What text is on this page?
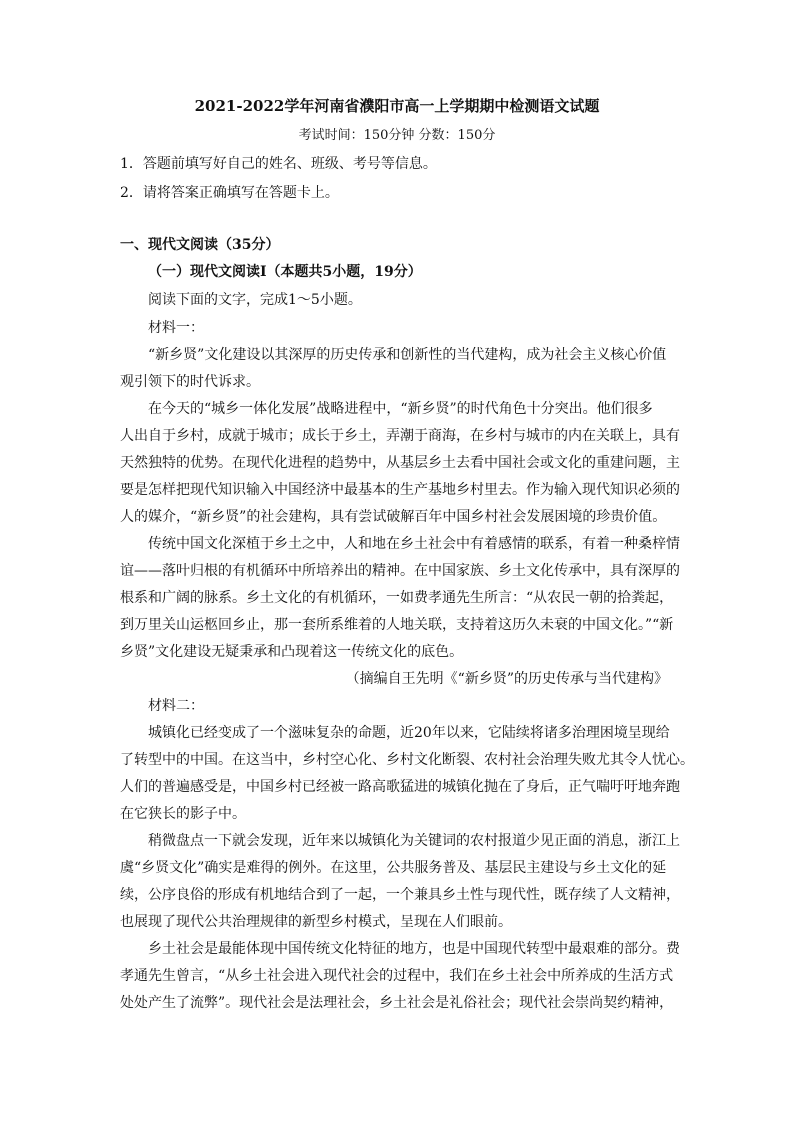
2021-2022学年河南省濮阳市高一上学期期中检测语文试题
考试时间：150分钟 分数：150分
1．答题前填写好自己的姓名、班级、考号等信息。
2．请将答案正确填写在答题卡上。
一、现代文阅读（35分）
（一）现代文阅读Ⅰ（本题共5小题，19分）
阅读下面的文字，完成1～5小题。
材料一：
“新乡贤”文化建设以其深厚的历史传承和创新性的当代建构，成为社会主义核心价值
观引领下的时代诉求。
在今天的“城乡一体化发展”战略进程中，“新乡贤”的时代角色十分突出。他们很多
人出自于乡村，成就于城市；成长于乡土，弄潮于商海，在乡村与城市的内在关联上，具有
天然独特的优势。在现代化进程的趋势中，从基层乡土去看中国社会或文化的重建问题，主
要是怎样把现代知识输入中国经济中最基本的生产基地乡村里去。作为输入现代知识必须的
人的媒介，“新乡贤”的社会建构，具有尝试破解百年中国乡村社会发展困境的珍贵价值。
传统中国文化深植于乡土之中，人和地在乡土社会中有着感情的联系，有着一种桑梓情
谊——落叶归根的有机循环中所培养出的精神。在中国家族、乡土文化传承中，具有深厚的
根系和广阔的脉系。乡土文化的有机循环，一如费孝通先生所言：“从农民一朝的拾粪起，
到万里关山运柩回乡止，那一套所系维着的人地关联，支持着这历久未衰的中国文化。”“新
乡贤”文化建设无疑秉承和凸现着这一传统文化的底色。
（摘编自王先明《“新乡贤”的历史传承与当代建构》
材料二：
城镇化已经变成了一个滋味复杂的命题，近20年以来，它陆续将诸多治理困境呈现给
了转型中的中国。在这当中，乡村空心化、乡村文化断裂、农村社会治理失败尤其令人忧心。
人们的普遍感受是，中国乡村已经被一路高歌猛进的城镇化抛在了身后，正气喘吁吁地奔跑
在它狭长的影子中。
稍微盘点一下就会发现，近年来以城镇化为关键词的农村报道少见正面的消息，浙江上
虞“乡贤文化”确实是难得的例外。在这里，公共服务普及、基层民主建设与乡土文化的延
续，公序良俗的形成有机地结合到了一起，一个兼具乡土性与现代性，既存续了人文精神，
也展现了现代公共治理规律的新型乡村模式，呈现在人们眼前。
乡土社会是最能体现中国传统文化特征的地方，也是中国现代转型中最艰难的部分。费
孝通先生曾言，“从乡土社会进入现代社会的过程中，我们在乡土社会中所养成的生活方式
处处产生了流弊”。现代社会是法理社会，乡土社会是礼俗社会；现代社会崇尚契约精神，
